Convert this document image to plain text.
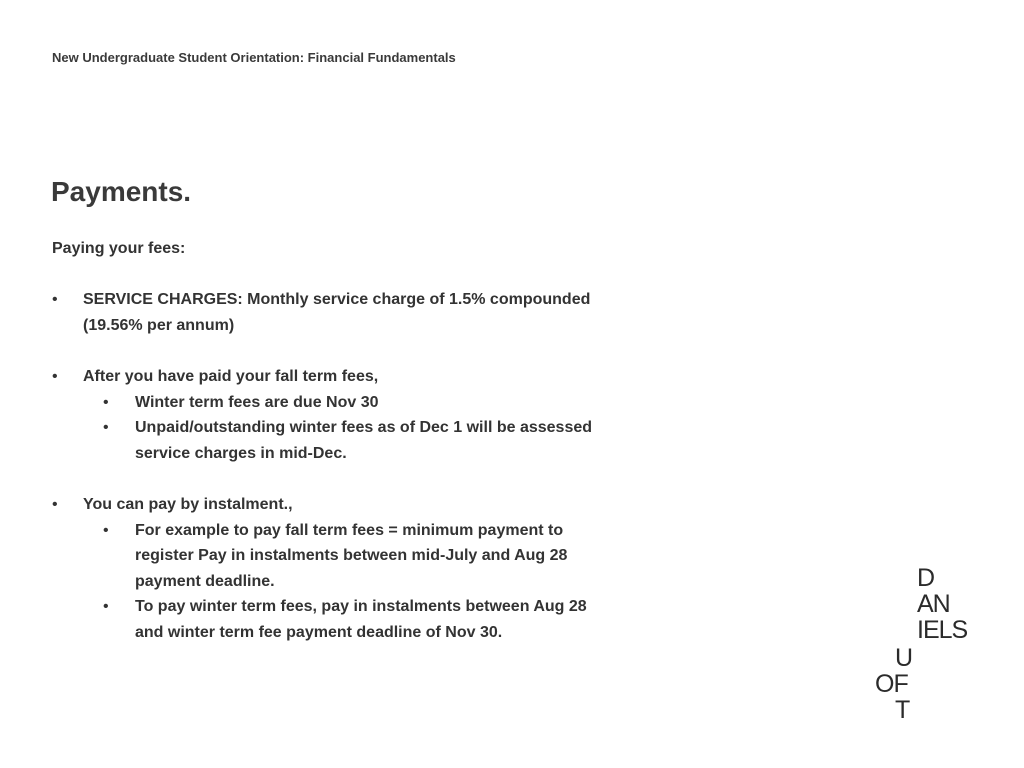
New Undergraduate Student Orientation: Financial Fundamentals
Payments.

Paying your fees:

• SERVICE CHARGES: Monthly service charge of 1.5% compounded (19.56% per annum)
• After you have paid your fall term fees,
• Winter term fees are due Nov 30
• Unpaid/outstanding winter fees as of Dec 1 will be assessed service charges in mid-Dec.
• You can pay by instalment.,
• For example to pay fall term fees = minimum payment to register Pay in instalments between mid-July and Aug 28 payment deadline.
• To pay winter term fees, pay in instalments between Aug 28 and winter term fee payment deadline of Nov 30.
D
AN
IELS
U
OF
T
